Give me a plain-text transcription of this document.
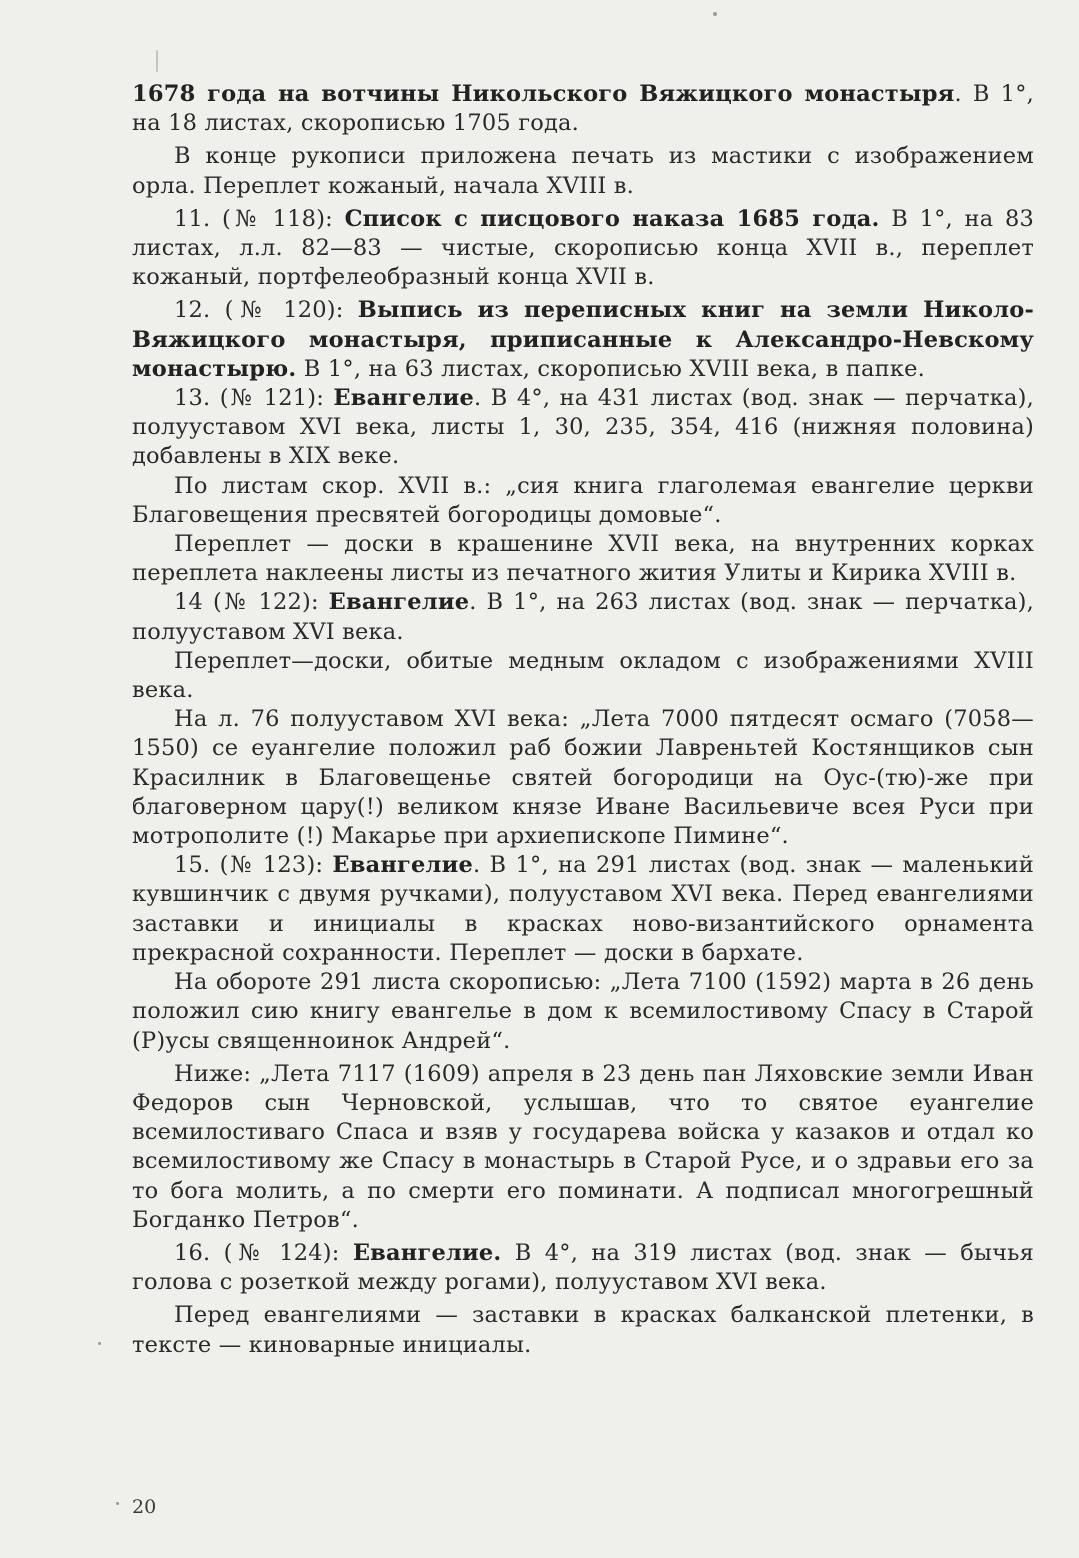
1678 года на вотчины Никольского Вяжицкого монастыря. В 1°, на 18 листах, скорописью 1705 года.

В конце рукописи приложена печать из мастики с изображением орла. Переплет кожаный, начала XVIII в.

11. (№ 118): Список с писцового наказа 1685 года. В 1°, на 83 листах, л.л. 82—83 — чистые, скорописью конца XVII в., переплет кожаный, портфелеобразный конца XVII в.

12. (№ 120): Выпись из переписных книг на земли Николо-Вяжицкого монастыря, приписанные к Александро-Невскому монастырю. В 1°, на 63 листах, скорописью XVIII века, в папке.

13. (№ 121): Евангелие. В 4°, на 431 листах (вод. знак — перчатка), полууставом XVI века, листы 1, 30, 235, 354, 416 (нижняя половина) добавлены в XIX веке.

По листам скор. XVII в.: „сия книга глаголемая евангелие церкви Благовещения пресвятей богородицы домовые“.

Переплет — доски в крашенине XVII века, на внутренних корках переплета наклеены листы из печатного жития Улиты и Кирика XVIII в.

14 (№ 122): Евангелие. В 1°, на 263 листах (вод. знак — перчатка), полууставом XVI века.

Переплет—доски, обитые медным окладом с изображениями XVIII века.

На л. 76 полууставом XVI века: „Лета 7000 пятдесят осмаго (7058—1550) се еуангелие положил раб божии Лавреньтей Костянщиков сын Красилник в Благовещенье святей богородици на Оус-(тю)-же при благоверном цару(!) великом князе Иване Васильевиче всея Руси при мотрополите (!) Макарье при архиепископе Пимине“.

15. (№ 123): Евангелие. В 1°, на 291 листах (вод. знак — маленький кувшинчик с двумя ручками), полууставом XVI века. Перед евангелиями заставки и инициалы в красках ново-византийского орнамента прекрасной сохранности. Переплет — доски в бархате.

На обороте 291 листа скорописью: „Лета 7100 (1592) марта в 26 день положил сию книгу евангелье в дом к всемилостивому Спасу в Старой (Р)усы священноинок Андрей“.

Ниже: „Лета 7117 (1609) апреля в 23 день пан Ляховские земли Иван Федоров сын Черновской, услышав, что то святое еуангелие всемилостиваго Спаса и взяв у государева войска у казаков и отдал ко всемилостивому же Спасу в монастырь в Старой Русе, и о здравьи его за то бога молить, а по смерти его поминати. А подписал многогрешный Богданко Петров“.

16. (№ 124): Евангелие. В 4°, на 319 листах (вод. знак — бычья голова с розеткой между рогами), полууставом XVI века.

Перед евангелиями — заставки в красках балканской плетенки, в тексте — киноварные инициалы.

20
